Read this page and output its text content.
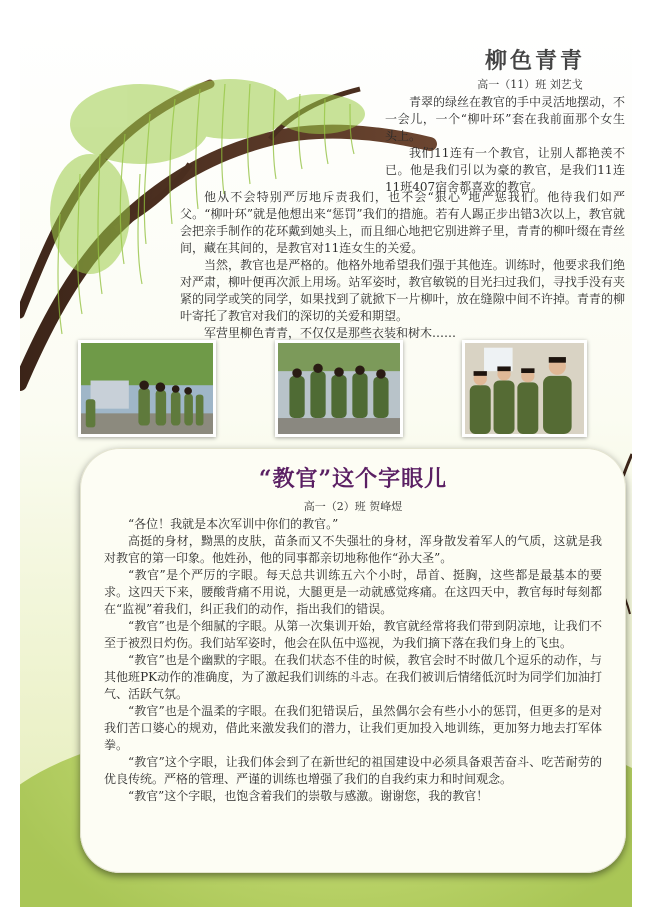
柳色青青
高一（11）班 刘艺戈

青翠的绿丝在教官的手中灵活地摆动，不一会儿，一个“柳叶环”套在我前面那个女生头上。

我们11连有一个教官，让别人都艳羡不已。他是我们引以为豪的教官，是我们11连11班407宿舍都喜欢的教官。

他从不会特别严厉地斥责我们，也不会“狠心”地严惩我们。他待我们如严父。“柳叶环”就是他想出来“惩罚”我们的措施。若有人踢正步出错3次以上，教官就会把亲手制作的花环戴到她头上，而且细心地把它别进辫子里，青青的柳叶缀在青丝间，藏在其间的，是教官对11连女生的关爱。

当然，教官也是严格的。他格外地希望我们强于其他连。训练时，他要求我们绝对严肃，柳叶便再次派上用场。站军姿时，教官敏锐的目光扫过我们，寻找手没有夹紧的同学或笑的同学，如果找到了就掀下一片柳叶，放在缝隙中间不许掉。青青的柳叶寄托了教官对我们的深切的关爱和期望。

军营里柳色青青，不仅仅是那些衣装和树木……

“教官”这个字眼儿
高一（2）班 贺峰煜

“各位！我就是本次军训中你们的教官。”

高挺的身材，黝黑的皮肤，苗条而又不失强壮的身材，浑身散发着军人的气质，这就是我对教官的第一印象。他姓孙，他的同事都亲切地称他作“孙大圣”。

“教官”是个严厉的字眼。每天总共训练五六个小时，昂首、挺胸，这些都是最基本的要求。这四天下来，腰酸背痛不用说，大腿更是一动就感觉疼痛。在这四天中，教官每时每刻都在“监视”着我们，纠正我们的动作，指出我们的错误。

“教官”也是个细腻的字眼。从第一次集训开始，教官就经常将我们带到阴凉地，让我们不至于被烈日灼伤。我们站军姿时，他会在队伍中巡视，为我们摘下落在我们身上的飞虫。

“教官”也是个幽默的字眼。在我们状态不佳的时候，教官会时不时做几个逗乐的动作，与其他班PK动作的准确度，为了激起我们训练的斗志。在我们被训后情绪低沉时为同学们加油打气、活跃气氛。

“教官”也是个温柔的字眼。在我们犯错误后，虽然偶尔会有些小小的惩罚，但更多的是对我们苦口婆心的规劝，借此来激发我们的潜力，让我们更加投入地训练，更加努力地去打军体拳。

“教官”这个字眼，让我们体会到了在新世纪的祖国建设中必须具备艰苦奋斗、吃苦耐劳的优良传统。严格的管理、严谨的训练也增强了我们的自我约束力和时间观念。

“教官”这个字眼，也饱含着我们的崇敬与感激。谢谢您，我的教官！
